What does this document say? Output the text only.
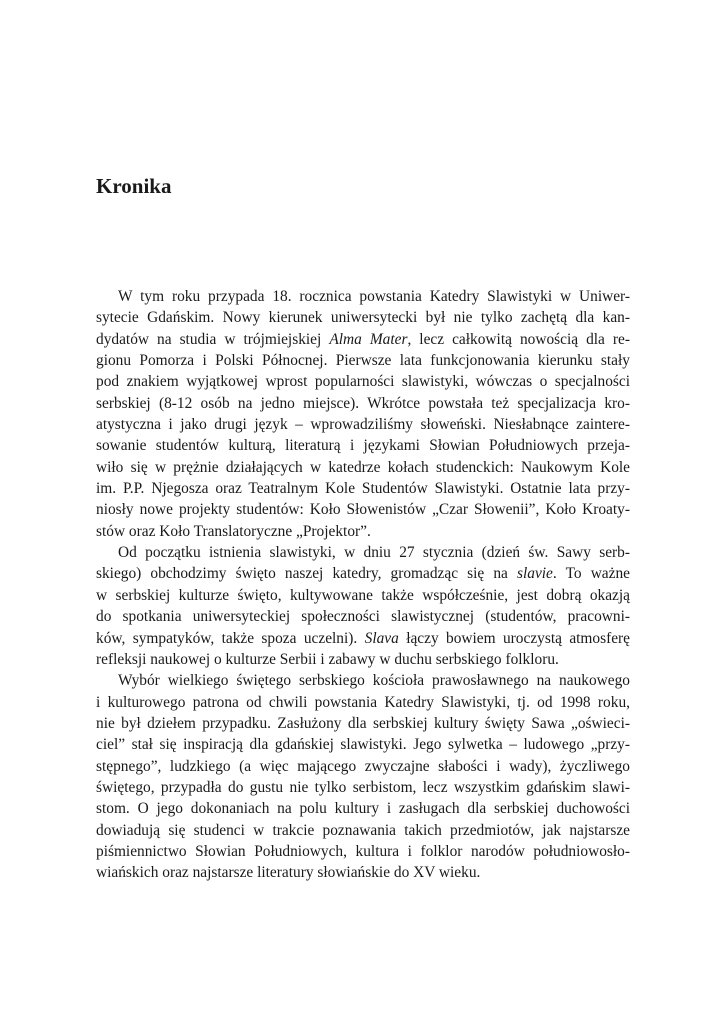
Kronika
W tym roku przypada 18. rocznica powstania Katedry Slawistyki w Uniwer-
sytecie Gdańskim. Nowy kierunek uniwersytecki był nie tylko zachętą dla kan-
dydatów na studia w trójmiejskiej Alma Mater, lecz całkowitą nowością dla re-
gionu Pomorza i Polski Północnej. Pierwsze lata funkcjonowania kierunku stały
pod znakiem wyjątkowej wprost popularności slawistyki, wówczas o specjalności
serbskiej (8-12 osób na jedno miejsce). Wkrótce powstała też specjalizacja kro-
atystyczna i jako drugi język – wprowadziliśmy słoweński. Niesłabnące zaintere-
sowanie studentów kulturą, literaturą i językami Słowian Południowych przeja-
wiło się w prężnie działających w katedrze kołach studenckich: Naukowym Kole
im. P.P. Njegosza oraz Teatralnym Kole Studentów Slawistyki. Ostatnie lata przy-
niosły nowe projekty studentów: Koło Słowenistów „Czar Słowenii”, Koło Kroaty-
stów oraz Koło Translatoryczne „Projektor”.
Od początku istnienia slawistyki, w dniu 27 stycznia (dzień św. Sawy serb-
skiego) obchodzimy święto naszej katedry, gromadząc się na slavie. To ważne
w serbskiej kulturze święto, kultywowane także współcześnie, jest dobrą okazją
do spotkania uniwersyteckiej społeczności slawistycznej (studentów, pracowni-
ków, sympatyków, także spoza uczelni). Slava łączy bowiem uroczystą atmosferę
refleksji naukowej o kulturze Serbii i zabawy w duchu serbskiego folkloru.
Wybór wielkiego świętego serbskiego kościoła prawosławnego na naukowego
i kulturowego patrona od chwili powstania Katedry Slawistyki, tj. od 1998 roku,
nie był dziełem przypadku. Zasłużony dla serbskiej kultury święty Sawa „oświeci-
ciel” stał się inspiracją dla gdańskiej slawistyki. Jego sylwetka – ludowego „przy-
stępnego”, ludzkiego (a więc mającego zwyczajne słabości i wady), życzliwego
świętego, przypadła do gustu nie tylko serbistom, lecz wszystkim gdańskim slawi-
stom. O jego dokonaniach na polu kultury i zasługach dla serbskiej duchowości
dowiadują się studenci w trakcie poznawania takich przedmiotów, jak najstarsze
piśmiennictwo Słowian Południowych, kultura i folklor narodów południowosło-
wiańskich oraz najstarsze literatury słowiańskie do XV wieku.
